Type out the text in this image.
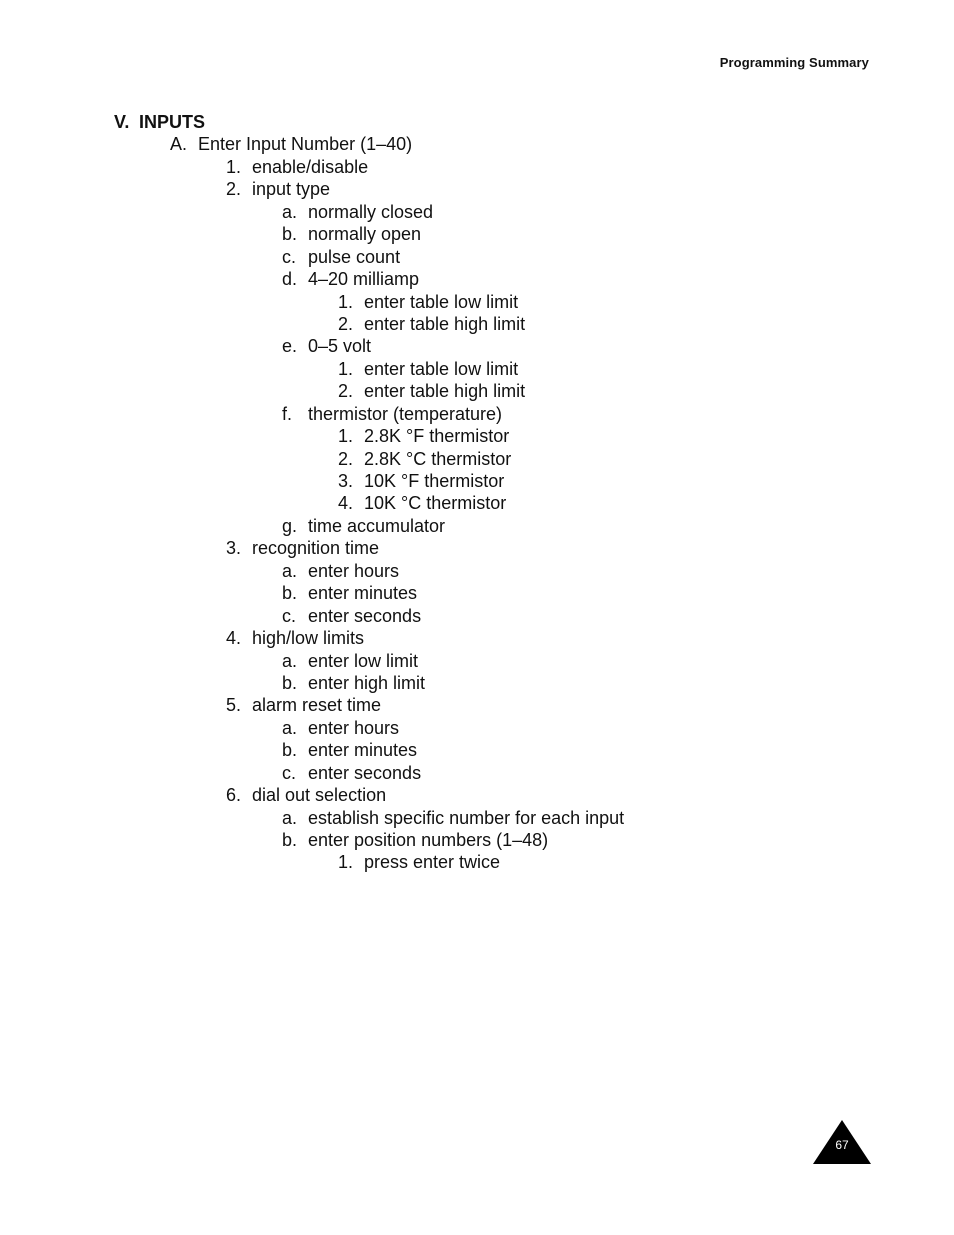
Programming Summary
V. INPUTS
A. Enter Input Number (1–40)
1. enable/disable
2. input type
a. normally closed
b. normally open
c. pulse count
d. 4–20 milliamp
1. enter table low limit
2. enter table high limit
e. 0–5 volt
1. enter table low limit
2. enter table high limit
f. thermistor (temperature)
1. 2.8K °F thermistor
2. 2.8K °C thermistor
3. 10K °F thermistor
4. 10K °C thermistor
g. time accumulator
3. recognition time
a. enter hours
b. enter minutes
c. enter seconds
4. high/low limits
a. enter low limit
b. enter high limit
5. alarm reset time
a. enter hours
b. enter minutes
c. enter seconds
6. dial out selection
a. establish specific number for each input
b. enter position numbers (1–48)
1. press enter twice
67
